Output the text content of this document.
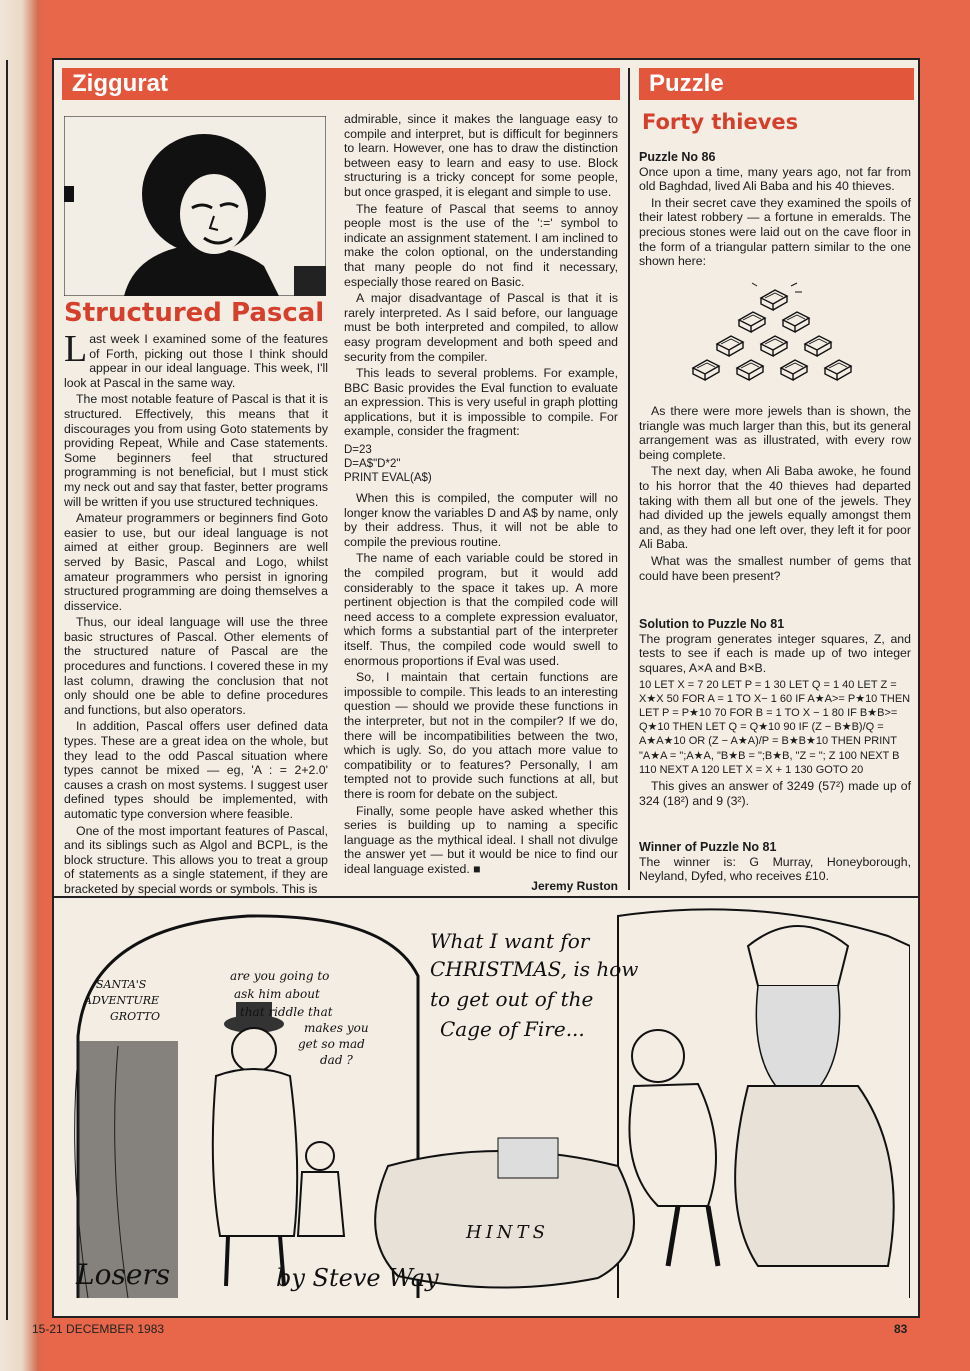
Ziggurat	Puzzle
Structured Pascal

Last week I examined some of the features of Forth, picking out those I think should appear in our ideal language. This week, I'll look at Pascal in the same way.

The most notable feature of Pascal is that it is structured. Effectively, this means that it discourages you from using Goto statements by providing Repeat, While and Case statements. Some beginners feel that structured programming is not beneficial, but I must stick my neck out and say that faster, better programs will be written if you use structured techniques.

Amateur programmers or beginners find Goto easier to use, but our ideal language is not aimed at either group. Beginners are well served by Basic, Pascal and Logo, whilst amateur programmers who persist in ignoring structured programming are doing themselves a disservice.

Thus, our ideal language will use the three basic structures of Pascal. Other elements of the structured nature of Pascal are the procedures and functions. I covered these in my last column, drawing the conclusion that not only should one be able to define procedures and functions, but also operators.

In addition, Pascal offers user defined data types. These are a great idea on the whole, but they lead to the odd Pascal situation where types cannot be mixed — eg, 'A : = 2+2.0' causes a crash on most systems. I suggest user defined types should be implemented, with automatic type conversion where feasible.

One of the most important features of Pascal, and its siblings such as Algol and BCPL, is the block structure. This allows you to treat a group of statements as a single statement, if they are bracketed by special words or symbols. This is

admirable, since it makes the language easy to compile and interpret, but is difficult for beginners to learn. However, one has to draw the distinction between easy to learn and easy to use. Block structuring is a tricky concept for some people, but once grasped, it is elegant and simple to use.

The feature of Pascal that seems to annoy people most is the use of the ':=' symbol to indicate an assignment statement. I am inclined to make the colon optional, on the understanding that many people do not find it necessary, especially those reared on Basic.

A major disadvantage of Pascal is that it is rarely interpreted. As I said before, our language must be both interpreted and compiled, to allow easy program development and both speed and security from the compiler.

This leads to several problems. For example, BBC Basic provides the Eval function to evaluate an expression. This is very useful in graph plotting applications, but it is impossible to compile. For example, consider the fragment:

D=23
D=A$"D*2"
PRINT EVAL(A$)

When this is compiled, the computer will no longer know the variables D and A$ by name, only by their address. Thus, it will not be able to compile the previous routine.

The name of each variable could be stored in the compiled program, but it would add considerably to the space it takes up. A more pertinent objection is that the compiled code will need access to a complete expression evaluator, which forms a substantial part of the interpreter itself. Thus, the compiled code would swell to enormous proportions if Eval was used.

So, I maintain that certain functions are impossible to compile. This leads to an interesting question — should we provide these functions in the interpreter, but not in the compiler? If we do, there will be incompatibilities between the two, which is ugly. So, do you attach more value to compatibility or to features? Personally, I am tempted not to provide such functions at all, but there is room for debate on the subject.

Finally, some people have asked whether this series is building up to naming a specific language as the mythical ideal. I shall not divulge the answer yet — but it would be nice to find our ideal language existed. ■

Jeremy Ruston
Forty thieves
Puzzle No 86

Once upon a time, many years ago, not far from old Baghdad, lived Ali Baba and his 40 thieves.

In their secret cave they examined the spoils of their latest robbery — a fortune in emeralds. The precious stones were laid out on the cave floor in the form of a triangular pattern similar to the one shown here:

As there were more jewels than is shown, the triangle was much larger than this, but its general arrangement was as illustrated, with every row being complete.

The next day, when Ali Baba awoke, he found to his horror that the 40 thieves had departed taking with them all but one of the jewels. They had divided up the jewels equally amongst them and, as they had one left over, they left it for poor Ali Baba.

What was the smallest number of gems that could have been present?

Solution to Puzzle No 81

The program generates integer squares, Z, and tests to see if each is made up of two integer squares, A×A and B×B.

10 LET X = 7 20 LET P = 1 30 LET Q = 1 40 LET Z = X★X 50 FOR A = 1 TO X− 1 60 IF A★A>= P★10 THEN LET P = P★10 70 FOR B = 1 TO X − 1 80 IF B★B>= Q★10 THEN LET Q = Q★10 90 IF (Z − B★B)/Q = A★A★10 OR (Z − A★A)/P = B★B★10 THEN PRINT "A★A = ";A★A, "B★B = ";B★B, "Z = "; Z 100 NEXT B 110 NEXT A 120 LET X = X + 1 130 GOTO 20

This gives an answer of 3249 (57²) made up of 324 (18²) and 9 (3²).

Winner of Puzzle No 81

The winner is: G Murray, Honeyborough, Neyland, Dyfed, who receives £10.

15-21 DECEMBER 1983	83
SANTA'S
ADVENTURE
GROTTO
are you going to
ask him about
that riddle that
makes you
get so mad
dad ?
What I want for
CHRISTMAS, is how
to get out of the
Cage of Fire...
HINTS
Losers	by Steve Way
